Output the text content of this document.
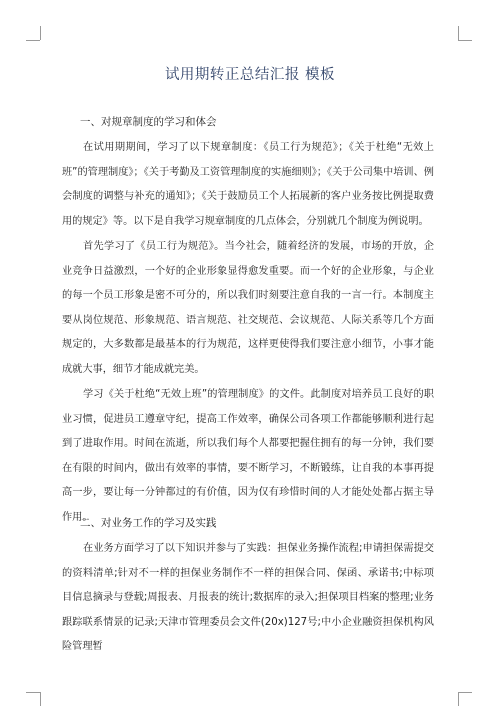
试用期转正总结汇报 模板
一、对规章制度的学习和体会

在试用期期间，学习了以下规章制度：《员工行为规范》；《关于杜绝“无效上班”的管理制度》；《关于考勤及工资管理制度的实施细则》；《关于公司集中培训、例会制度的调整与补充的通知》；《关于鼓励员工个人拓展新的客户业务按比例提取费用的规定》等。以下是自我学习规章制度的几点体会，分别就几个制度为例说明。

首先学习了《员工行为规范》。当今社会，随着经济的发展，市场的开放，企业竞争日益激烈，一个好的企业形象显得愈发重要。而一个好的企业形象，与企业的每一个员工形象是密不可分的，所以我们时刻要注意自我的一言一行。本制度主要从岗位规范、形象规范、语言规范、社交规范、会议规范、人际关系等几个方面规定的，大多数都是最基本的行为规范，这样更使得我们要注意小细节，小事才能成就大事，细节才能成就完美。

学习《关于杜绝“无效上班”的管理制度》的文件。此制度对培养员工良好的职业习惯，促进员工遵章守纪，提高工作效率，确保公司各项工作都能够顺利进行起到了进取作用。时间在流逝，所以我们每个人都要把握住拥有的每一分钟，我们要在有限的时间内，做出有效率的事情，要不断学习，不断锻练，让自我的本事再提高一步，要让每一分钟都过的有价值，因为仅有珍惜时间的人才能处处都占据主导作用。

二、对业务工作的学习及实践

在业务方面学习了以下知识并参与了实践：担保业务操作流程;申请担保需提交的资料清单;针对不一样的担保业务制作不一样的担保合同、保函、承诺书;中标项目信息摘录与登载;周报表、月报表的统计;数据库的录入;担保项目档案的整理;业务跟踪联系情景的记录;天津市管理委员会文件(20x)127号;中小企业融资担保机构风险管理暂
